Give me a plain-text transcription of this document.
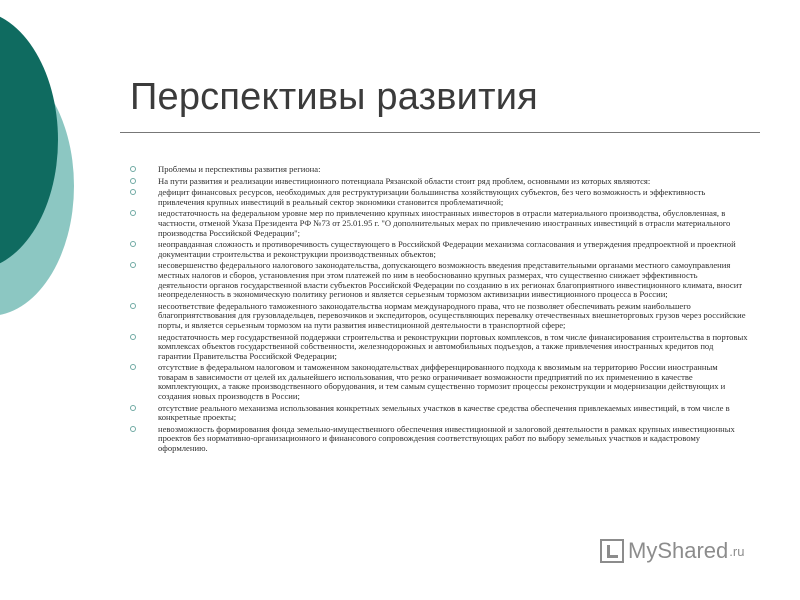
Перспективы развития
Проблемы и перспективы развития региона:
На пути развития и реализации инвестиционного потенциала Рязанской области стоит ряд проблем, основными из которых являются:
дефицит финансовых ресурсов, необходимых для реструктуризации большинства хозяйствующих субъектов, без чего возможность и эффективность привлечения крупных инвестиций в реальный сектор экономики становится проблематичной;
недостаточность на федеральном уровне мер по привлечению крупных иностранных инвесторов в отрасли материального производства, обусловленная, в частности, отменой Указа Президента РФ №73 от 25.01.95 г. "О дополнительных мерах по привлечению иностранных инвестиций в отрасли материального производства Российской Федерации";
неоправданная сложность и противоречивость существующего в Российской Федерации механизма согласования и утверждения предпроектной и проектной документации строительства и реконструкции производственных объектов;
несовершенство федерального налогового законодательства, допускающего возможность введения представительными органами местного самоуправления местных налогов и сборов, установления при этом платежей по ним в необоснованно крупных размерах, что существенно снижает эффективность деятельности органов государственной власти субъектов Российской Федерации по созданию в их регионах благоприятного инвестиционного климата, вносит неопределенность в экономическую политику регионов и является серьезным тормозом активизации инвестиционного процесса в России;
несоответствие федерального таможенного законодательства нормам международного права, что не позволяет обеспечивать режим наибольшего благоприятствования для грузовладельцев, перевозчиков и экспедиторов, осуществляющих перевалку отечественных внешнеторговых грузов через российские порты, и является серьезным тормозом на пути развития инвестиционной деятельности в транспортной сфере;
недостаточность мер государственной поддержки строительства и реконструкции портовых комплексов, в том числе финансирования строительства в портовых комплексах объектов государственной собственности, железнодорожных и автомобильных подъездов, а также привлечения иностранных кредитов под гарантии Правительства Российской Федерации;
отсутствие в федеральном налоговом и таможенном законодательствах дифференцированного подхода к ввозимым на территорию России иностранным товарам в зависимости от целей их дальнейшего использования, что резко ограничивает возможности предприятий по их применению в качестве комплектующих, а также производственного оборудования, и тем самым существенно тормозит процессы реконструкции и модернизации действующих и создания новых производств в России;
отсутствие реального механизма использования конкретных земельных участков в качестве средства обеспечения привлекаемых инвестиций, в том числе в конкретные проекты;
невозможность формирования фонда земельно-имущественного обеспечения инвестиционной и залоговой деятельности в рамках крупных инвестиционных проектов без нормативно-организационного и финансового сопровождения соответствующих работ по выбору земельных участков и кадастровому оформлению.
MyShared .ru
